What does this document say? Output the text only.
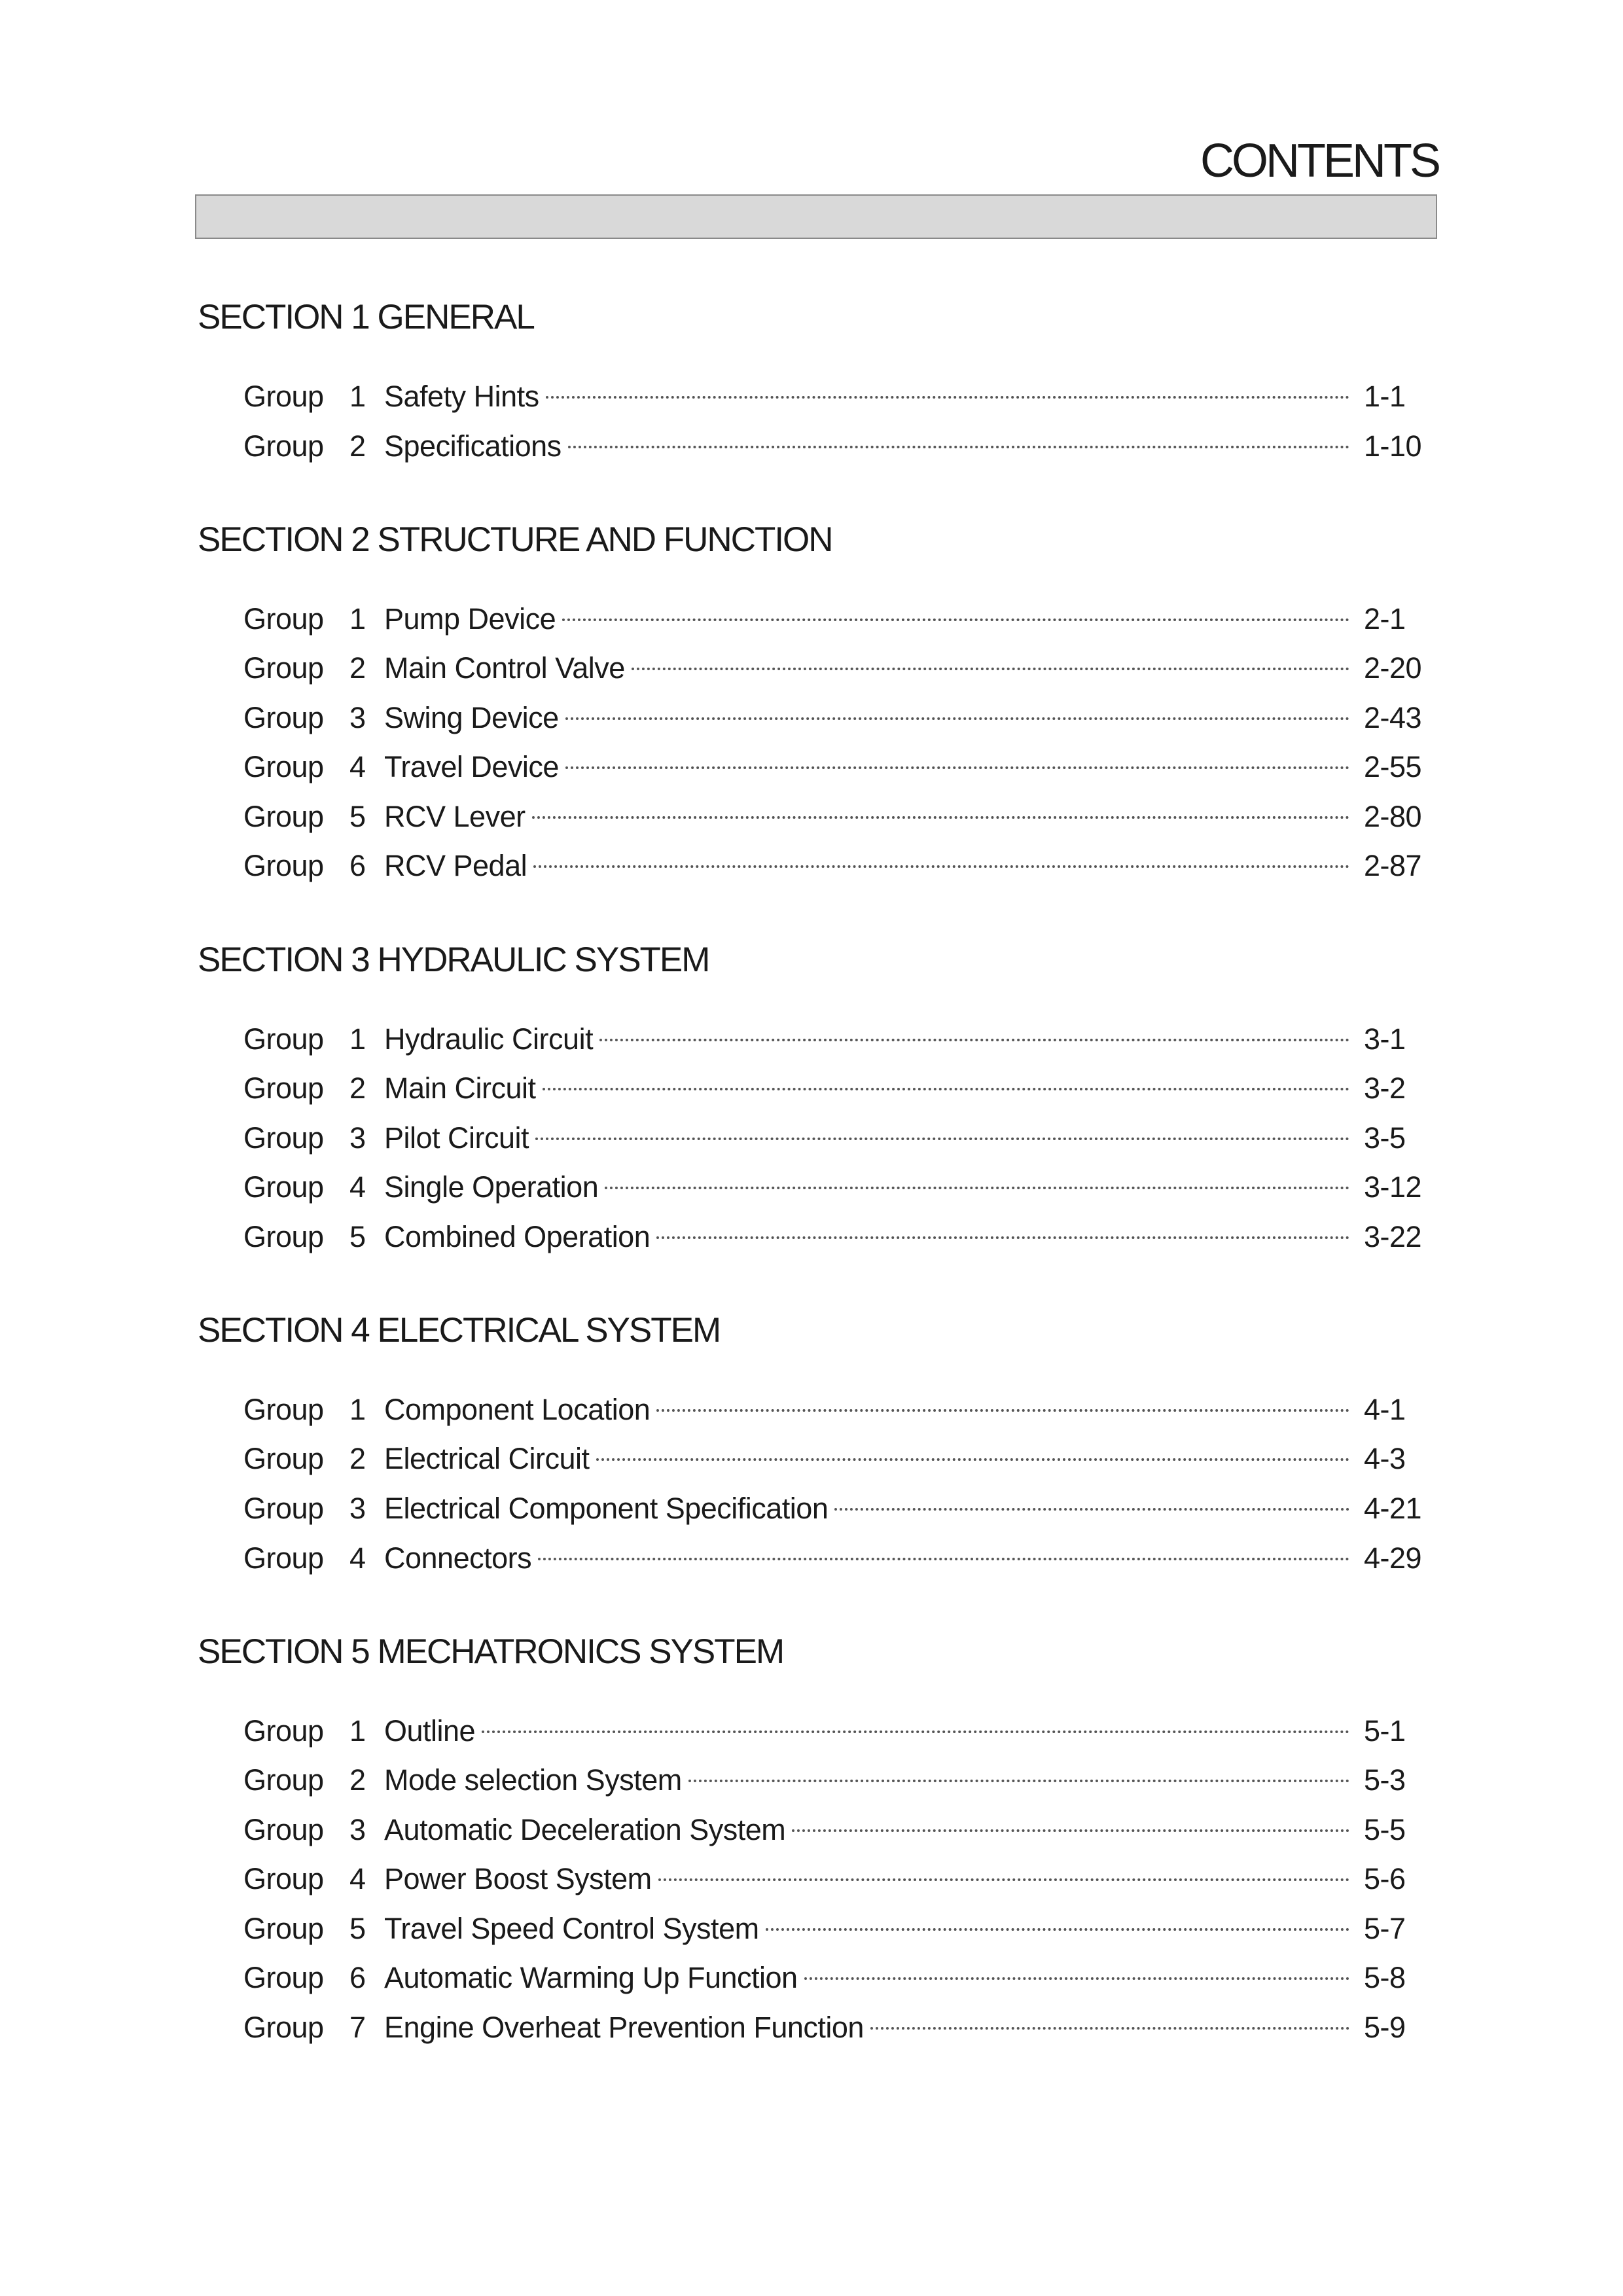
CONTENTS
SECTION 1 GENERAL
Group 1 Safety Hints	1-1
Group 2 Specifications	1-10
SECTION 2 STRUCTURE AND FUNCTION
Group 1 Pump Device	2-1
Group 2 Main Control Valve	2-20
Group 3 Swing Device	2-43
Group 4 Travel Device	2-55
Group 5 RCV Lever	2-80
Group 6 RCV Pedal	2-87
SECTION 3 HYDRAULIC SYSTEM
Group 1 Hydraulic Circuit	3-1
Group 2 Main Circuit	3-2
Group 3 Pilot Circuit	3-5
Group 4 Single Operation	3-12
Group 5 Combined Operation	3-22
SECTION 4 ELECTRICAL SYSTEM
Group 1 Component Location	4-1
Group 2 Electrical Circuit	4-3
Group 3 Electrical Component Specification	4-21
Group 4 Connectors	4-29
SECTION 5 MECHATRONICS SYSTEM
Group 1 Outline	5-1
Group 2 Mode selection System	5-3
Group 3 Automatic Deceleration System	5-5
Group 4 Power Boost System	5-6
Group 5 Travel Speed Control System	5-7
Group 6 Automatic Warming Up Function	5-8
Group 7 Engine Overheat Prevention Function	5-9
